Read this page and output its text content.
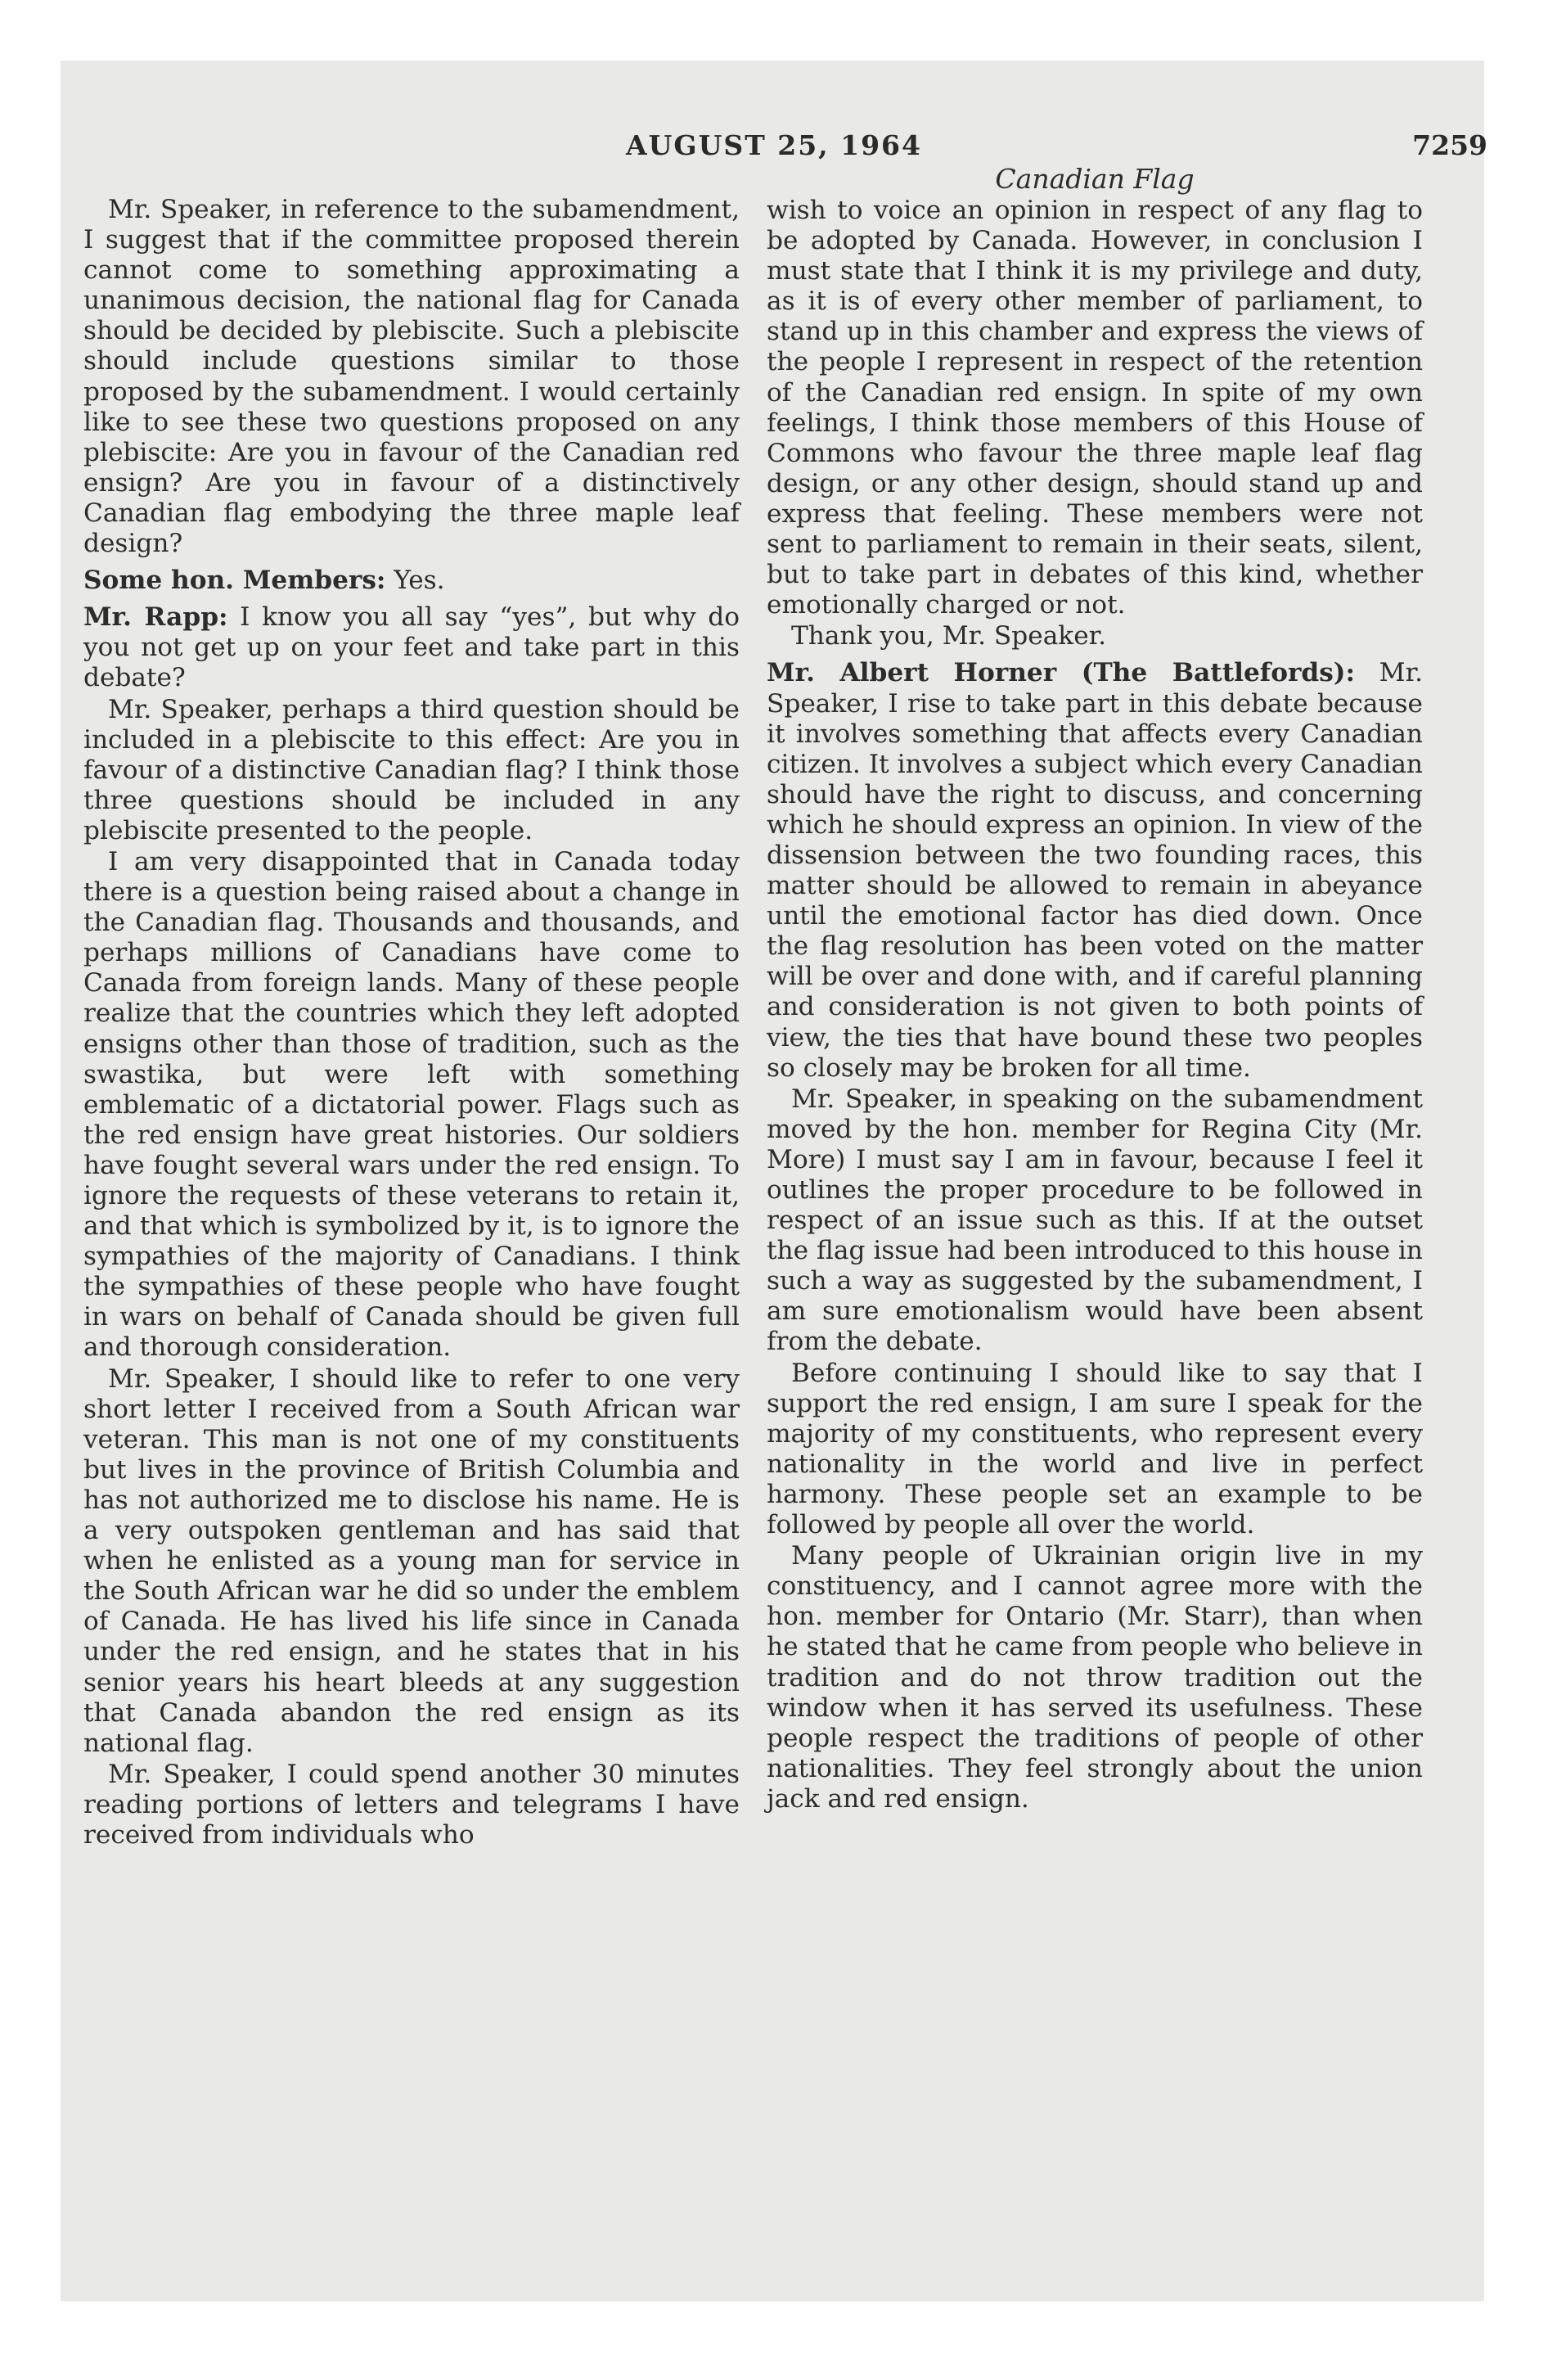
AUGUST 25, 1964	7259

Mr. Speaker, in reference to the subamendment, I suggest that if the committee proposed therein cannot come to something approximating a unanimous decision, the national flag for Canada should be decided by plebiscite. Such a plebiscite should include questions similar to those proposed by the subamendment. I would certainly like to see these two questions proposed on any plebiscite: Are you in favour of the Canadian red ensign? Are you in favour of a distinctively Canadian flag embodying the three maple leaf design?

Some hon. Members: Yes.

Mr. Rapp: I know you all say “yes”, but why do you not get up on your feet and take part in this debate?

Mr. Speaker, perhaps a third question should be included in a plebiscite to this effect: Are you in favour of a distinctive Canadian flag? I think those three questions should be included in any plebiscite presented to the people.

I am very disappointed that in Canada today there is a question being raised about a change in the Canadian flag. Thousands and thousands, and perhaps millions of Canadians have come to Canada from foreign lands. Many of these people realize that the countries which they left adopted ensigns other than those of tradition, such as the swastika, but were left with something emblematic of a dictatorial power. Flags such as the red ensign have great histories. Our soldiers have fought several wars under the red ensign. To ignore the requests of these veterans to retain it, and that which is symbolized by it, is to ignore the sympathies of the majority of Canadians. I think the sympathies of these people who have fought in wars on behalf of Canada should be given full and thorough consideration.

Mr. Speaker, I should like to refer to one very short letter I received from a South African war veteran. This man is not one of my constituents but lives in the province of British Columbia and has not authorized me to disclose his name. He is a very outspoken gentleman and has said that when he enlisted as a young man for service in the South African war he did so under the emblem of Canada. He has lived his life since in Canada under the red ensign, and he states that in his senior years his heart bleeds at any suggestion that Canada abandon the red ensign as its national flag.

Mr. Speaker, I could spend another 30 minutes reading portions of letters and telegrams I have received from individuals who

Canadian Flag

wish to voice an opinion in respect of any flag to be adopted by Canada. However, in conclusion I must state that I think it is my privilege and duty, as it is of every other member of parliament, to stand up in this chamber and express the views of the people I represent in respect of the retention of the Canadian red ensign. In spite of my own feelings, I think those members of this House of Commons who favour the three maple leaf flag design, or any other design, should stand up and express that feeling. These members were not sent to parliament to remain in their seats, silent, but to take part in debates of this kind, whether emotionally charged or not.

Thank you, Mr. Speaker.

Mr. Albert Horner (The Battlefords): Mr. Speaker, I rise to take part in this debate because it involves something that affects every Canadian citizen. It involves a subject which every Canadian should have the right to discuss, and concerning which he should express an opinion. In view of the dissension between the two founding races, this matter should be allowed to remain in abeyance until the emotional factor has died down. Once the flag resolution has been voted on the matter will be over and done with, and if careful planning and consideration is not given to both points of view, the ties that have bound these two peoples so closely may be broken for all time.

Mr. Speaker, in speaking on the subamendment moved by the hon. member for Regina City (Mr. More) I must say I am in favour, because I feel it outlines the proper procedure to be followed in respect of an issue such as this. If at the outset the flag issue had been introduced to this house in such a way as suggested by the subamendment, I am sure emotionalism would have been absent from the debate.

Before continuing I should like to say that I support the red ensign, I am sure I speak for the majority of my constituents, who represent every nationality in the world and live in perfect harmony. These people set an example to be followed by people all over the world.

Many people of Ukrainian origin live in my constituency, and I cannot agree more with the hon. member for Ontario (Mr. Starr), than when he stated that he came from people who believe in tradition and do not throw tradition out the window when it has served its usefulness. These people respect the traditions of people of other nationalities. They feel strongly about the union jack and red ensign.
